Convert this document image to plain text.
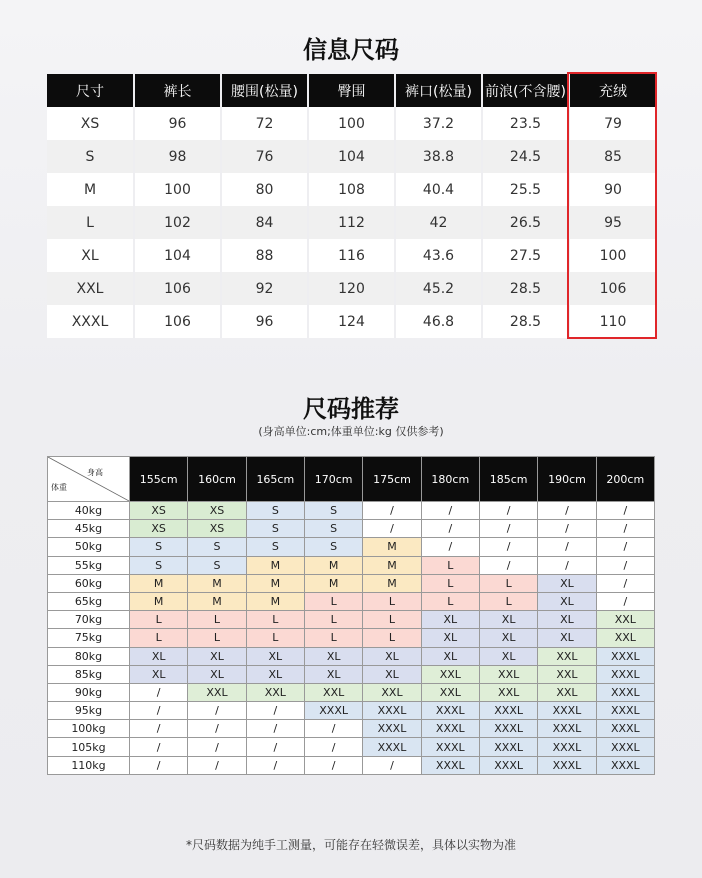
信息尺码
尺寸	裤长	腰围(松量)	臀围	裤口(松量)	前浪(不含腰)	充绒
XS	96	72	100	37.2	23.5	79
S	98	76	104	38.8	24.5	85
M	100	80	108	40.4	25.5	90
L	102	84	112	42	26.5	95
XL	104	88	116	43.6	27.5	100
XXL	106	92	120	45.2	28.5	106
XXXL	106	96	124	46.8	28.5	110
尺码推荐
(身高单位:cm;体重单位:kg 仅供参考)
身高
体重	155cm	160cm	165cm	170cm	175cm	180cm	185cm	190cm	200cm
40kg	XS	XS	S	S	/	/	/	/	/
45kg	XS	XS	S	S	/	/	/	/	/
50kg	S	S	S	S	M	/	/	/	/
55kg	S	S	M	M	M	L	/	/	/
60kg	M	M	M	M	M	L	L	XL	/
65kg	M	M	M	L	L	L	L	XL	/
70kg	L	L	L	L	L	XL	XL	XL	XXL
75kg	L	L	L	L	L	XL	XL	XL	XXL
80kg	XL	XL	XL	XL	XL	XL	XL	XXL	XXXL
85kg	XL	XL	XL	XL	XL	XXL	XXL	XXL	XXXL
90kg	/	XXL	XXL	XXL	XXL	XXL	XXL	XXL	XXXL
95kg	/	/	/	XXXL	XXXL	XXXL	XXXL	XXXL	XXXL
100kg	/	/	/	/	XXXL	XXXL	XXXL	XXXL	XXXL
105kg	/	/	/	/	XXXL	XXXL	XXXL	XXXL	XXXL
110kg	/	/	/	/	/	XXXL	XXXL	XXXL	XXXL
*尺码数据为纯手工测量，可能存在轻微误差，具体以实物为准
